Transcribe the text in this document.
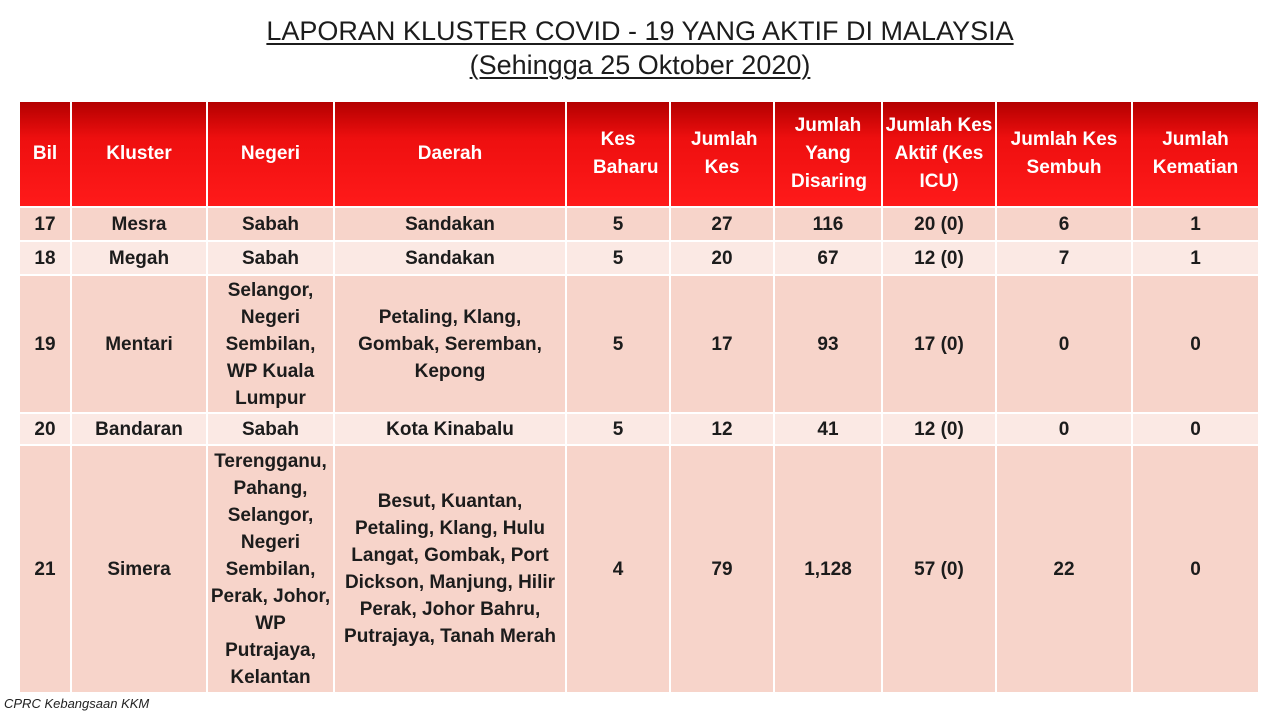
LAPORAN KLUSTER COVID - 19 YANG AKTIF DI MALAYSIA
(Sehingga 25 Oktober 2020)
Bil	Kluster	Negeri	Daerah	Kes Baharu	Jumlah Kes	Jumlah Yang Disaring	Jumlah Kes Aktif (Kes ICU)	Jumlah Kes Sembuh	Jumlah Kematian
17	Mesra	Sabah	Sandakan	5	27	116	20 (0)	6	1
18	Megah	Sabah	Sandakan	5	20	67	12 (0)	7	1
19	Mentari	Selangor, Negeri Sembilan, WP Kuala Lumpur	Petaling, Klang, Gombak, Seremban, Kepong	5	17	93	17 (0)	0	0
20	Bandaran	Sabah	Kota Kinabalu	5	12	41	12 (0)	0	0
21	Simera	Terengganu, Pahang, Selangor, Negeri Sembilan, Perak, Johor, WP Putrajaya, Kelantan	Besut, Kuantan, Petaling, Klang, Hulu Langat, Gombak, Port Dickson, Manjung, Hilir Perak, Johor Bahru, Putrajaya, Tanah Merah	4	79	1,128	57 (0)	22	0
CPRC Kebangsaan KKM
